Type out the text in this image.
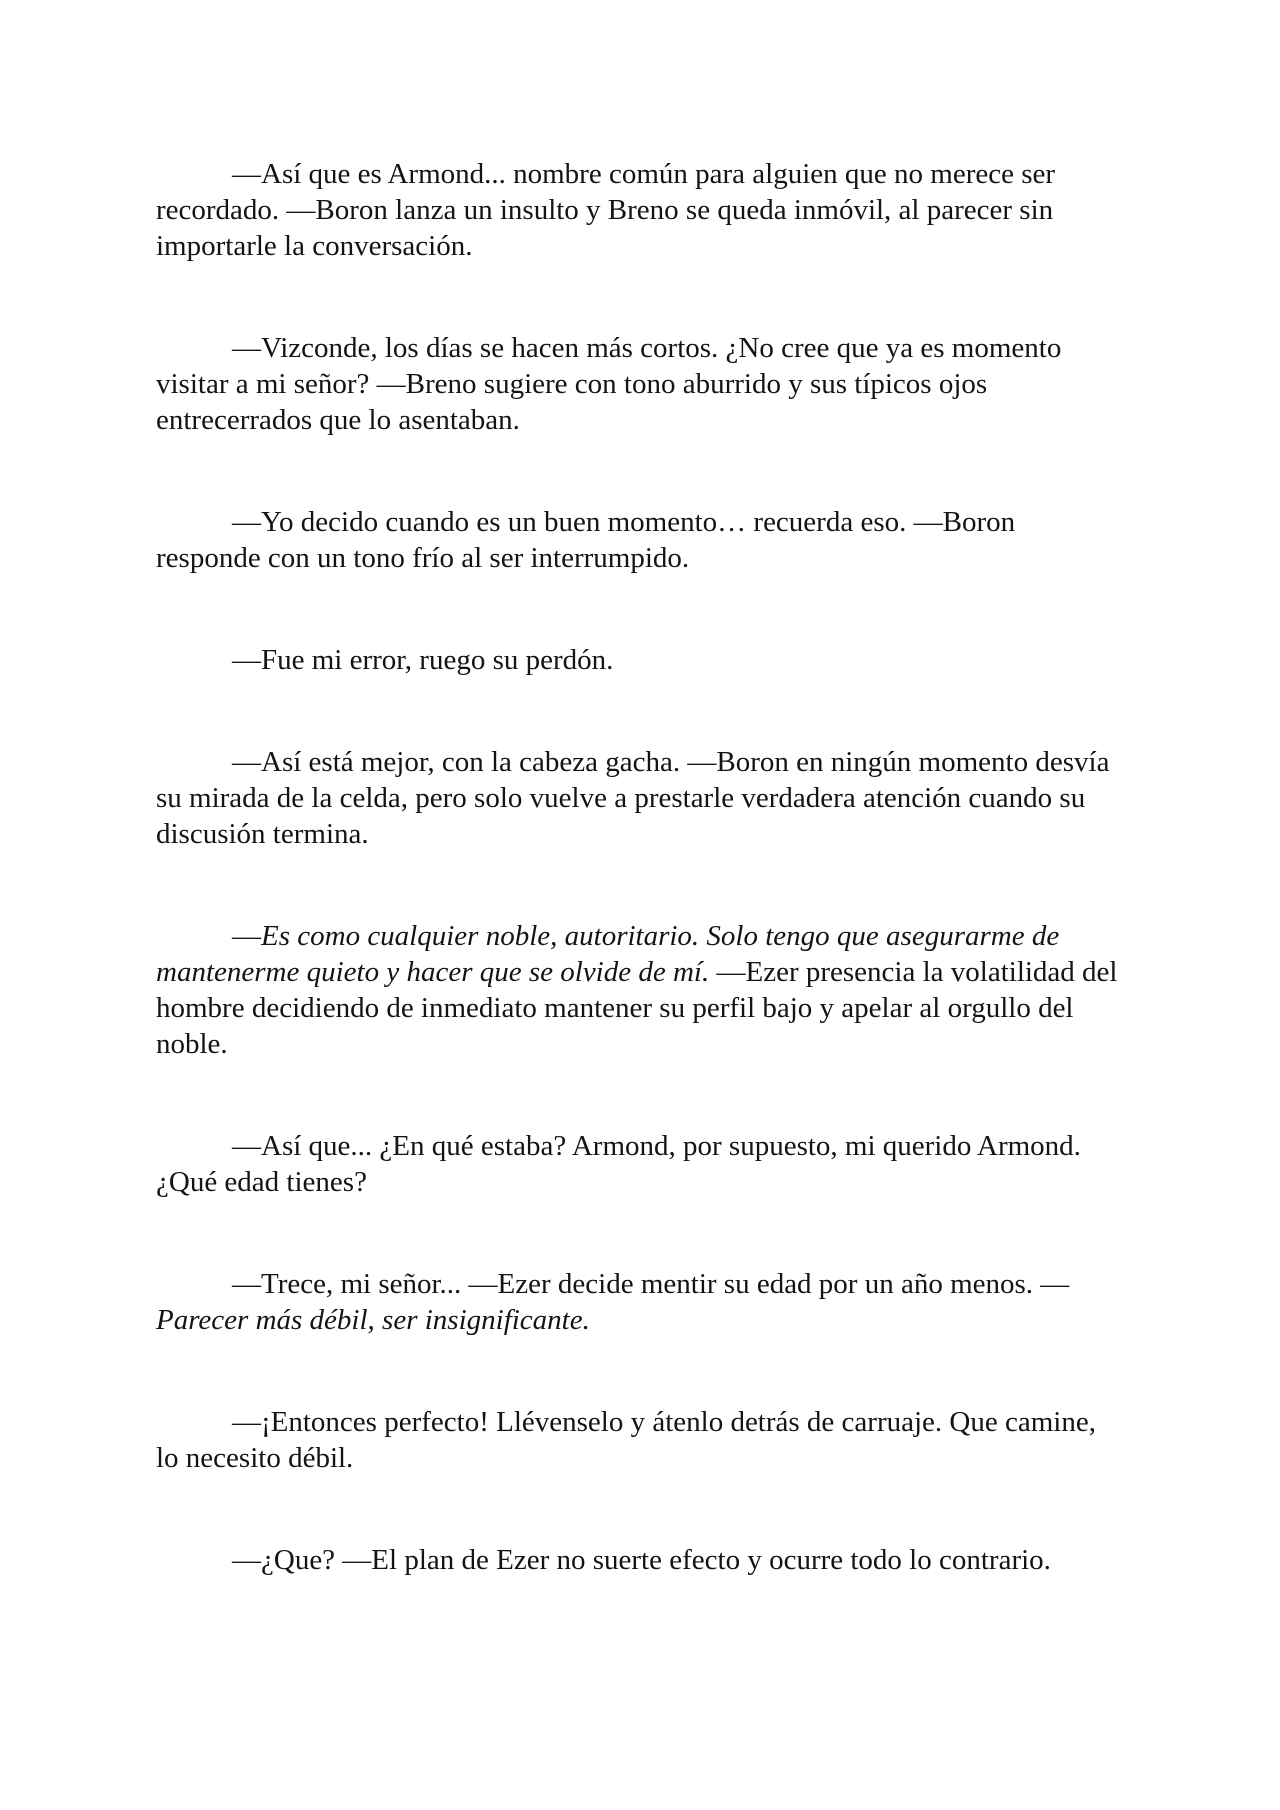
—Así que es Armond... nombre común para alguien que no merece ser
recordado. —Boron lanza un insulto y Breno se queda inmóvil, al parecer sin
importarle la conversación.
—Vizconde, los días se hacen más cortos. ¿No cree que ya es momento
visitar a mi señor? —Breno sugiere con tono aburrido y sus típicos ojos
entrecerrados que lo asentaban.
—Yo decido cuando es un buen momento… recuerda eso. —Boron
responde con un tono frío al ser interrumpido.
—Fue mi error, ruego su perdón.
—Así está mejor, con la cabeza gacha. —Boron en ningún momento desvía
su mirada de la celda, pero solo vuelve a prestarle verdadera atención cuando su
discusión termina.
—Es como cualquier noble, autoritario. Solo tengo que asegurarme de
mantenerme quieto y hacer que se olvide de mí. —Ezer presencia la volatilidad del
hombre decidiendo de inmediato mantener su perfil bajo y apelar al orgullo del
noble.
—Así que... ¿En qué estaba? Armond, por supuesto, mi querido Armond.
¿Qué edad tienes?
—Trece, mi señor... —Ezer decide mentir su edad por un año menos. —
Parecer más débil, ser insignificante.
—¡Entonces perfecto! Llévenselo y átenlo detrás de carruaje. Que camine,
lo necesito débil.
—¿Que? —El plan de Ezer no suerte efecto y ocurre todo lo contrario.
